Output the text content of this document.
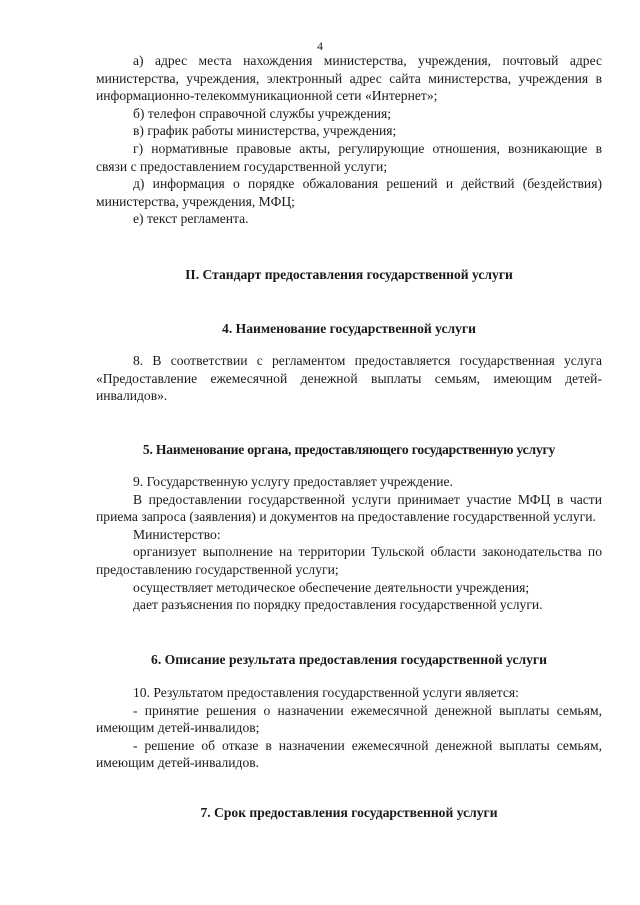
4

а) адрес места нахождения министерства, учреждения, почтовый адрес министерства, учреждения, электронный адрес сайта министерства, учреждения в информационно-телекоммуникационной сети «Интернет»;

б) телефон справочной службы учреждения;

в) график работы министерства, учреждения;

г) нормативные правовые акты, регулирующие отношения, возникающие в связи с предоставлением государственной услуги;

д) информация о порядке обжалования решений и действий (бездействия) министерства, учреждения, МФЦ;

е) текст регламента.

II. Стандарт предоставления государственной услуги
4. Наименование государственной услуги

8. В соответствии с регламентом предоставляется государственная услуга «Предоставление ежемесячной денежной выплаты семьям, имеющим детей-инвалидов».

5. Наименование органа, предоставляющего государственную услугу

9. Государственную услугу предоставляет учреждение.

В предоставлении государственной услуги принимает участие МФЦ в части приема запроса (заявления) и документов на предоставление государственной услуги.

Министерство:

организует выполнение на территории Тульской области законодательства по предоставлению государственной услуги;

осуществляет методическое обеспечение деятельности учреждения;

дает разъяснения по порядку предоставления государственной услуги.

6. Описание результата предоставления государственной услуги

10. Результатом предоставления государственной услуги является:

- принятие решения о назначении ежемесячной денежной выплаты семьям, имеющим детей-инвалидов;

- решение об отказе в назначении ежемесячной денежной выплаты семьям, имеющим детей-инвалидов.

7. Срок предоставления государственной услуги
